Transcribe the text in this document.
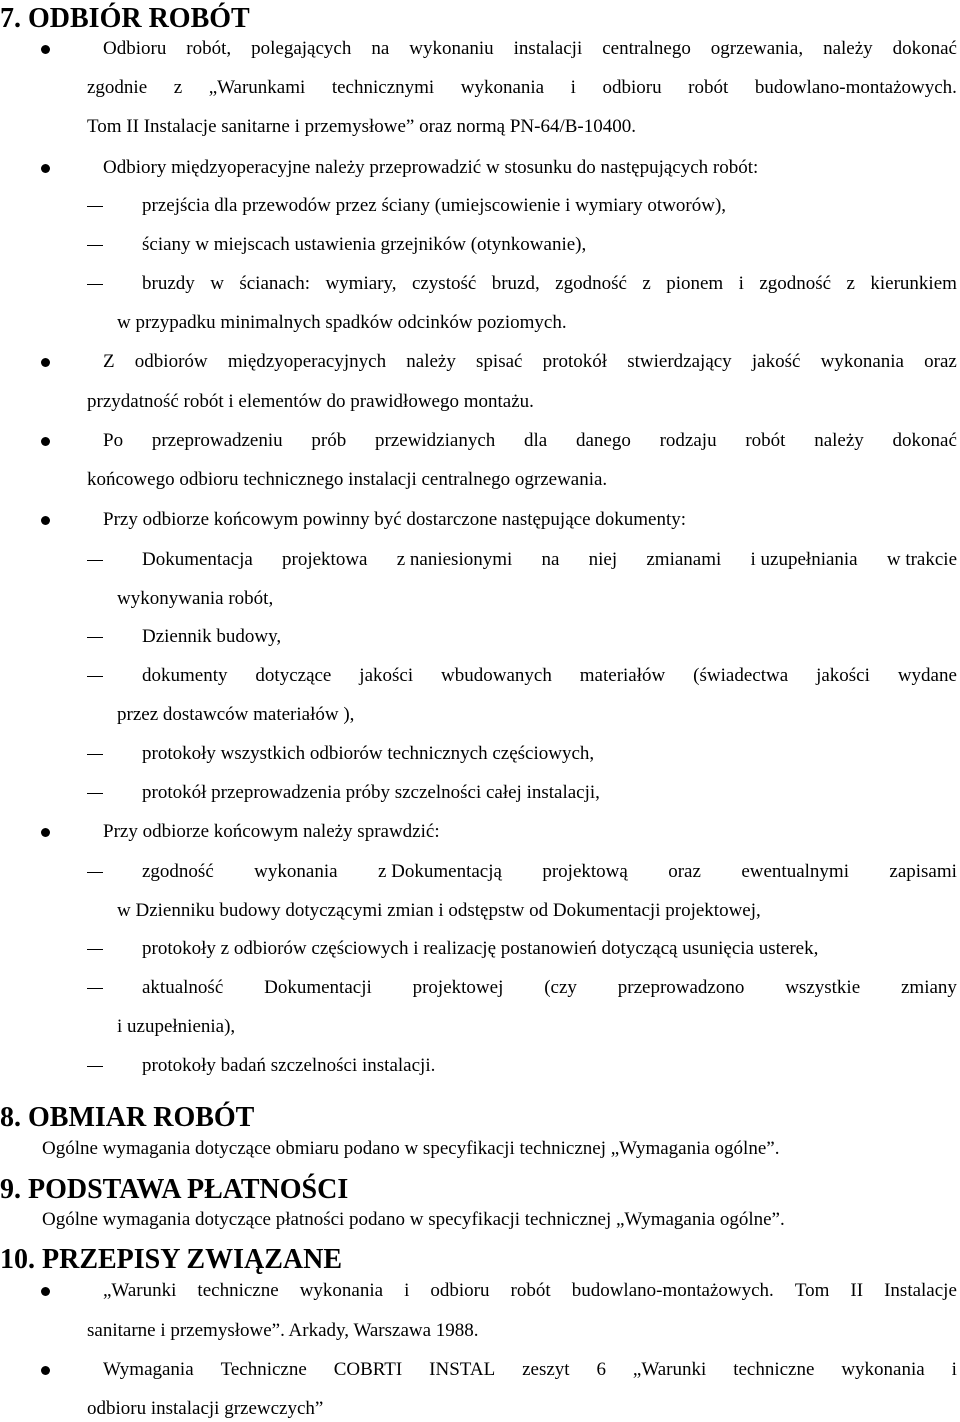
7. ODBIÓR ROBÓT
Odbioru robót, polegających na wykonaniu instalacji centralnego ogrzewania, należy dokonać
zgodnie z „Warunkami technicznymi wykonania i odbioru robót budowlano-montażowych.
Tom II Instalacje sanitarne i przemysłowe” oraz normą PN-64/B-10400.
Odbiory międzyoperacyjne należy przeprowadzić w stosunku do następujących robót:
przejścia dla przewodów przez ściany (umiejscowienie i wymiary otworów),
ściany w miejscach ustawienia grzejników (otynkowanie),
bruzdy w ścianach: wymiary, czystość bruzd, zgodność z pionem i zgodność z kierunkiem
w przypadku minimalnych spadków odcinków poziomych.
Z odbiorów międzyoperacyjnych należy spisać protokół stwierdzający jakość wykonania oraz
przydatność robót i elementów do prawidłowego montażu.
Po przeprowadzeniu prób przewidzianych dla danego rodzaju robót należy dokonać
końcowego odbioru technicznego instalacji centralnego ogrzewania.
Przy odbiorze końcowym powinny być dostarczone następujące dokumenty:
Dokumentacja projektowa z naniesionymi na niej zmianami i uzupełniania w trakcie
wykonywania robót,
Dziennik budowy,
dokumenty dotyczące jakości wbudowanych materiałów (świadectwa jakości wydane
przez dostawców materiałów ),
protokoły wszystkich odbiorów technicznych częściowych,
protokół przeprowadzenia próby szczelności całej instalacji,
Przy odbiorze końcowym należy sprawdzić:
zgodność wykonania z Dokumentacją projektową oraz ewentualnymi zapisami
w Dzienniku budowy dotyczącymi zmian i odstępstw od Dokumentacji projektowej,
protokoły z odbiorów częściowych i realizację postanowień dotyczącą usunięcia usterek,
aktualność Dokumentacji projektowej (czy przeprowadzono wszystkie zmiany
i uzupełnienia),
protokoły badań szczelności instalacji.
8. OBMIAR ROBÓT
Ogólne wymagania dotyczące obmiaru podano w specyfikacji technicznej „Wymagania ogólne”.
9. PODSTAWA PŁATNOŚCI
Ogólne wymagania dotyczące płatności podano w specyfikacji technicznej „Wymagania ogólne”.
10. PRZEPISY ZWIĄZANE
„Warunki techniczne wykonania i odbioru robót budowlano-montażowych. Tom II Instalacje
sanitarne i przemysłowe”. Arkady, Warszawa 1988.
Wymagania Techniczne COBRTI INSTAL zeszyt 6 „Warunki techniczne wykonania i
odbioru instalacji grzewczych”
